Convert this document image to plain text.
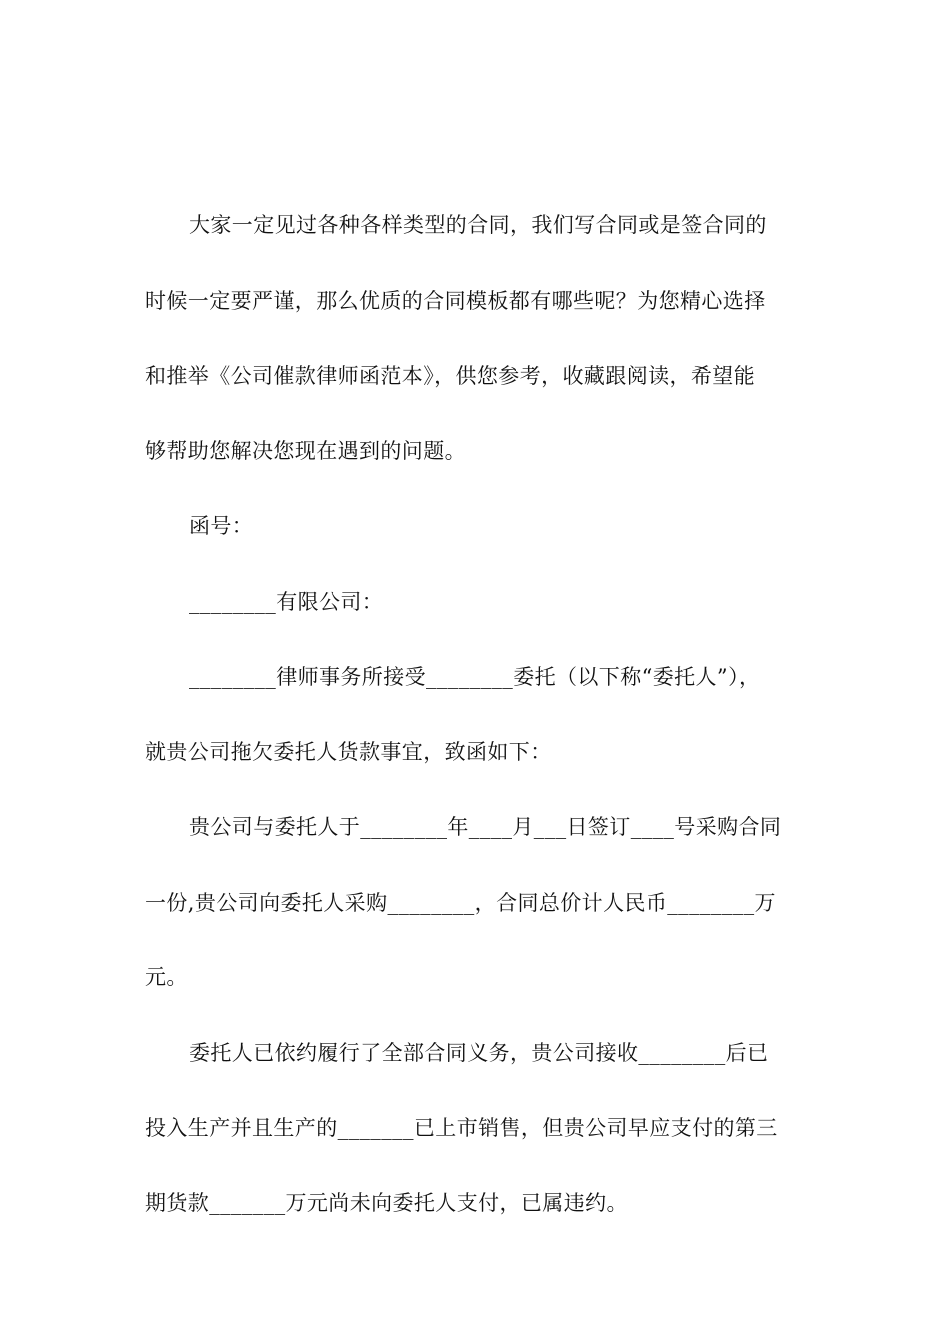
大家一定见过各种各样类型的合同，我们写合同或是签合同的
时候一定要严谨，那么优质的合同模板都有哪些呢？为您精心选择
和推举《公司催款律师函范本》，供您参考，收藏跟阅读，希望能
够帮助您解决您现在遇到的问题。
函号：
________有限公司：
________律师事务所接受________委托（以下称“委托人”），
就贵公司拖欠委托人货款事宜，致函如下：
贵公司与委托人于________年____月___日签订____号采购合同
一份,贵公司向委托人采购________，合同总价计人民币________万
元。
委托人已依约履行了全部合同义务，贵公司接收________后已
投入生产并且生产的_______已上市销售，但贵公司早应支付的第三
期货款_______万元尚未向委托人支付，已属违约。
